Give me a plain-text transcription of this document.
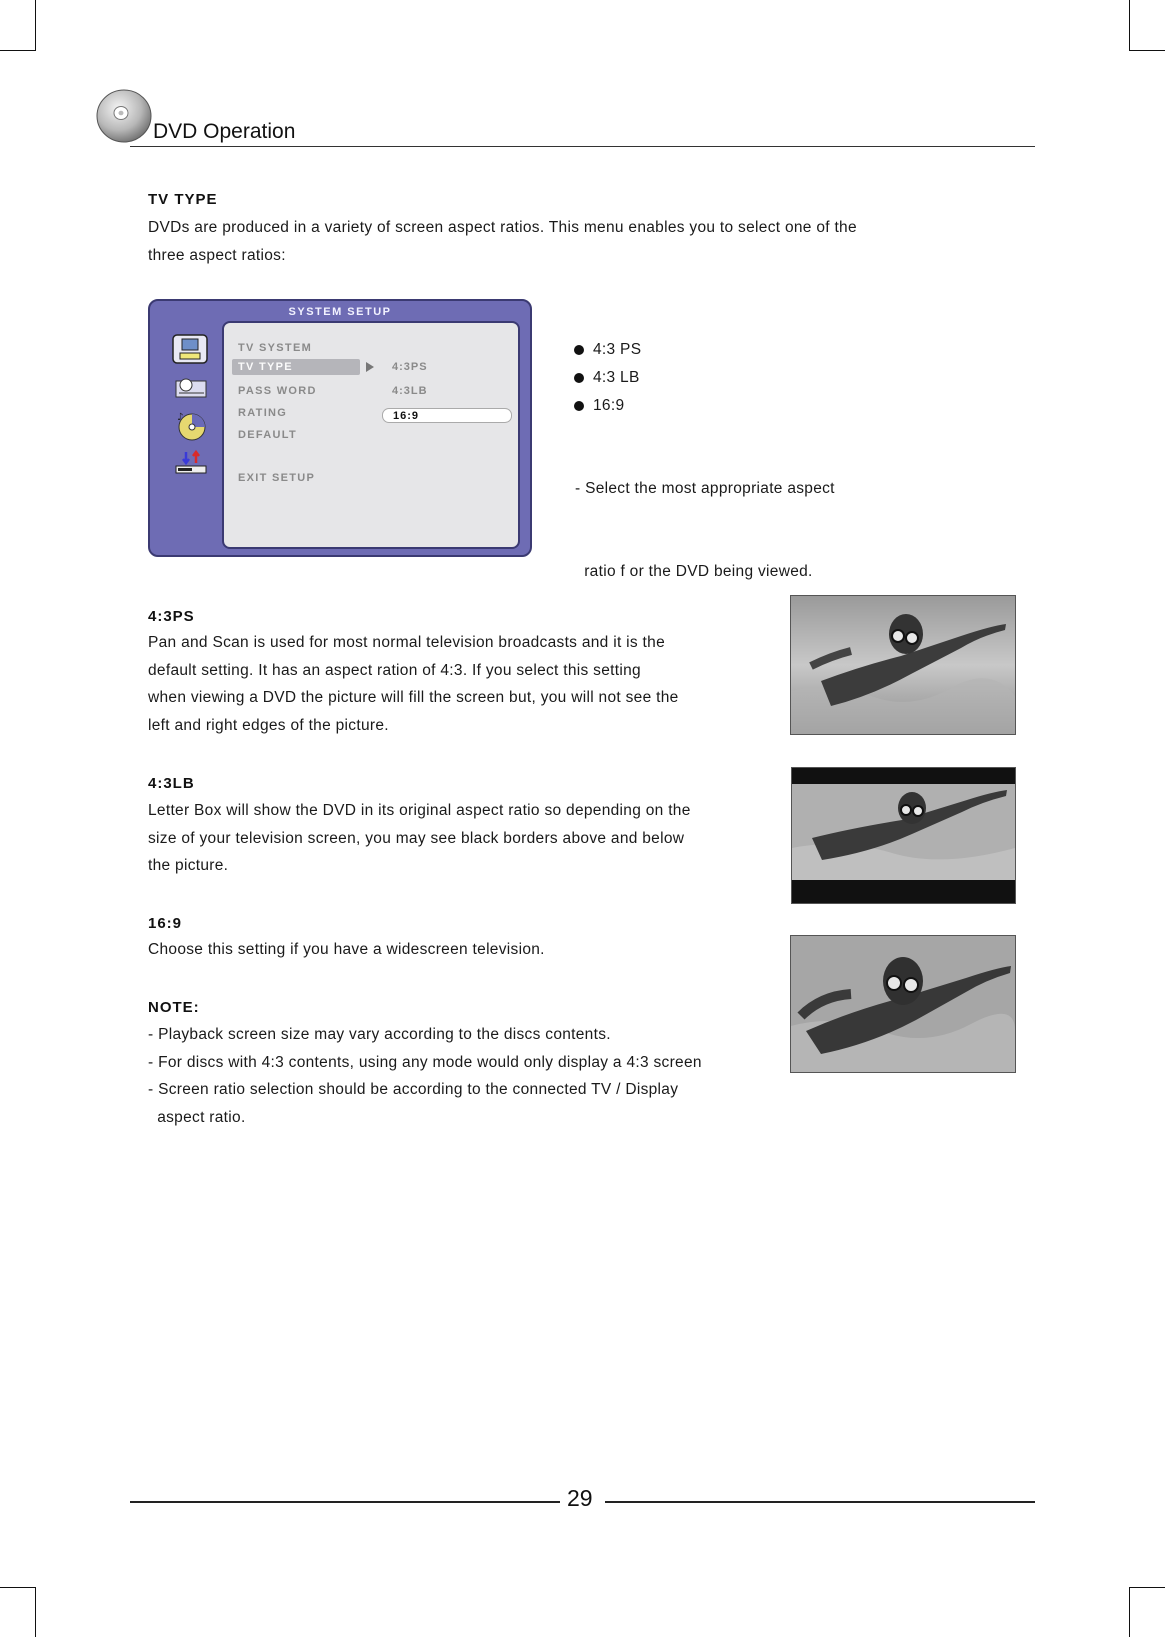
DVD Operation
TV TYPE
DVDs are produced in a variety of screen aspect ratios. This menu enables you to select one of the
three aspect ratios:
SYSTEM SETUP
♪
TV SYSTEM
TV TYPE
PASS WORD
RATING
DEFAULT
EXIT SETUP
4:3PS
4:3LB
16:9
4:3 PS
4:3 LB
16:9

- Select the most appropriate aspect

ratio f or the DVD being viewed.

4:3PS
Pan and Scan is used for most normal television broadcasts and it is the
default setting. It has an aspect ration of 4:3. If you select this setting
when viewing a DVD the picture will fill the screen but, you will not see the
left and right edges of the picture.
4:3LB
Letter Box will show the DVD in its original aspect ratio so depending on the
size of your television screen, you may see black borders above and below
the picture.
16:9
Choose this setting if you have a widescreen television.
NOTE:
- Playback screen size may vary according to the discs contents.
- For discs with 4:3 contents, using any mode would only display a 4:3 screen
- Screen ratio selection should be according to the connected TV / Display
aspect ratio.
29
